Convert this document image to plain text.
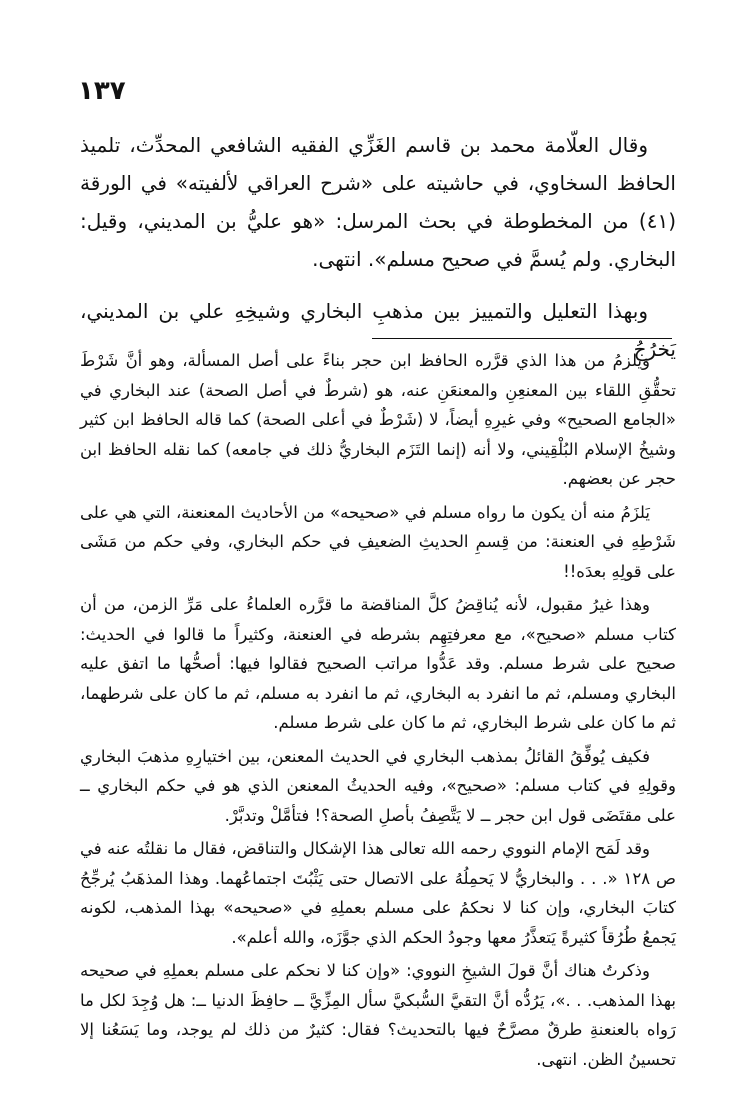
١٣٧

وقال العلّامة محمد بن قاسم الغَزِّي الفقيه الشافعي المحدِّث، تلميذ الحافظ السخاوي، في حاشيته على «شرح العراقي لألفيته» في الورقة (٤١) من المخطوطة في بحث المرسل: «هو عليُّ بن المديني، وقيل: البخاري. ولم يُسمَّ في صحيح مسلم». انتهى.

وبهذا التعليل والتمييز بين مذهبِ البخاري وشيخِهِ علي بن المديني، يَخرُجُ

ويلزمُ من هذا الذي قرَّره الحافظ ابن حجر بناءً على أصل المسألة، وهو أنَّ شَرْطَ تحقُّقِ اللقاء بين المعنعِنِ والمعنعَنِ عنه، هو (شرطٌ في أصل الصحة) عند البخاري في «الجامع الصحيح» وفي غيرِهِ أيضاً، لا (شَرْطٌ في أعلى الصحة) كما قاله الحافظ ابن كثير وشيخُ الإسلام البُلْقِيني، ولا أنه (إنما التَزَم البخاريُّ ذلك في جامعه) كما نقله الحافظ ابن حجر عن بعضهم.

يَلزَمُ منه أن يكون ما رواه مسلم في «صحيحه» من الأحاديث المعنعنة، التي هي على شَرْطِهِ في العنعنة: من قِسمِ الحديثِ الضعيفِ في حكم البخاري، وفي حكم من مَشَى على قولِهِ بعدَه!!

وهذا غيرُ مقبول، لأنه يُناقِضُ كلَّ المناقضة ما قرَّره العلماءُ على مَرِّ الزمن، من أن كتاب مسلم «صحيح»، مع معرفتِهِم بشرطه في العنعنة، وكثيراً ما قالوا في الحديث: صحيح على شرط مسلم. وقد عَدُّوا مراتب الصحيح فقالوا فيها: أصحُّها ما اتفق عليه البخاري ومسلم، ثم ما انفرد به البخاري، ثم ما انفرد به مسلم، ثم ما كان على شرطهما، ثم ما كان على شرط البخاري، ثم ما كان على شرط مسلم.

فكيف يُوفِّقُ القائلُ بمذهب البخاري في الحديث المعنعن، بين اختيارِهِ مذهبَ البخاري وقولِهِ في كتاب مسلم: «صحيح»، وفيه الحديثُ المعنعن الذي هو في حكم البخاري ــ على مقتَضَى قول ابن حجر ــ لا يَتَّصِفُ بأصلِ الصحة؟! فتأمَّلْ وتدبَّرْ.

وقد لَمَح الإمام النووي رحمه الله تعالى هذا الإشكال والتناقض، فقال ما نقلتُه عنه في ص ١٢٨ «. . . والبخاريُّ لا يَحمِلُهُ على الاتصال حتى يَثْبُتَ اجتماعُهما. وهذا المذهَبُ يُرجِّحُ كتابَ البخاري، وإن كنا لا نحكمُ على مسلم بعملِهِ في «صحيحه» بهذا المذهب، لكونه يَجمعُ طُرُقاً كثيرةً يَتعذَّرُ معها وجودُ الحكم الذي جوَّزَه، والله أعلم».

وذكرتُ هناك أنَّ قولَ الشيخِ النووي: «وإن كنا لا نحكم على مسلم بعملِهِ في صحيحه بهذا المذهب. . .»، يَرُدُّه أنَّ التقيَّ السُّبكيَّ سأل المِزِّيَّ ــ حافِظَ الدنيا ــ: هل وُجِدَ لكل ما رَواه بالعنعنةِ طرقٌ مصرَّحٌ فيها بالتحديث؟ فقال: كثيرٌ من ذلك لم يوجد، وما يَسَعُنا إلا تحسينُ الظن. انتهى.
